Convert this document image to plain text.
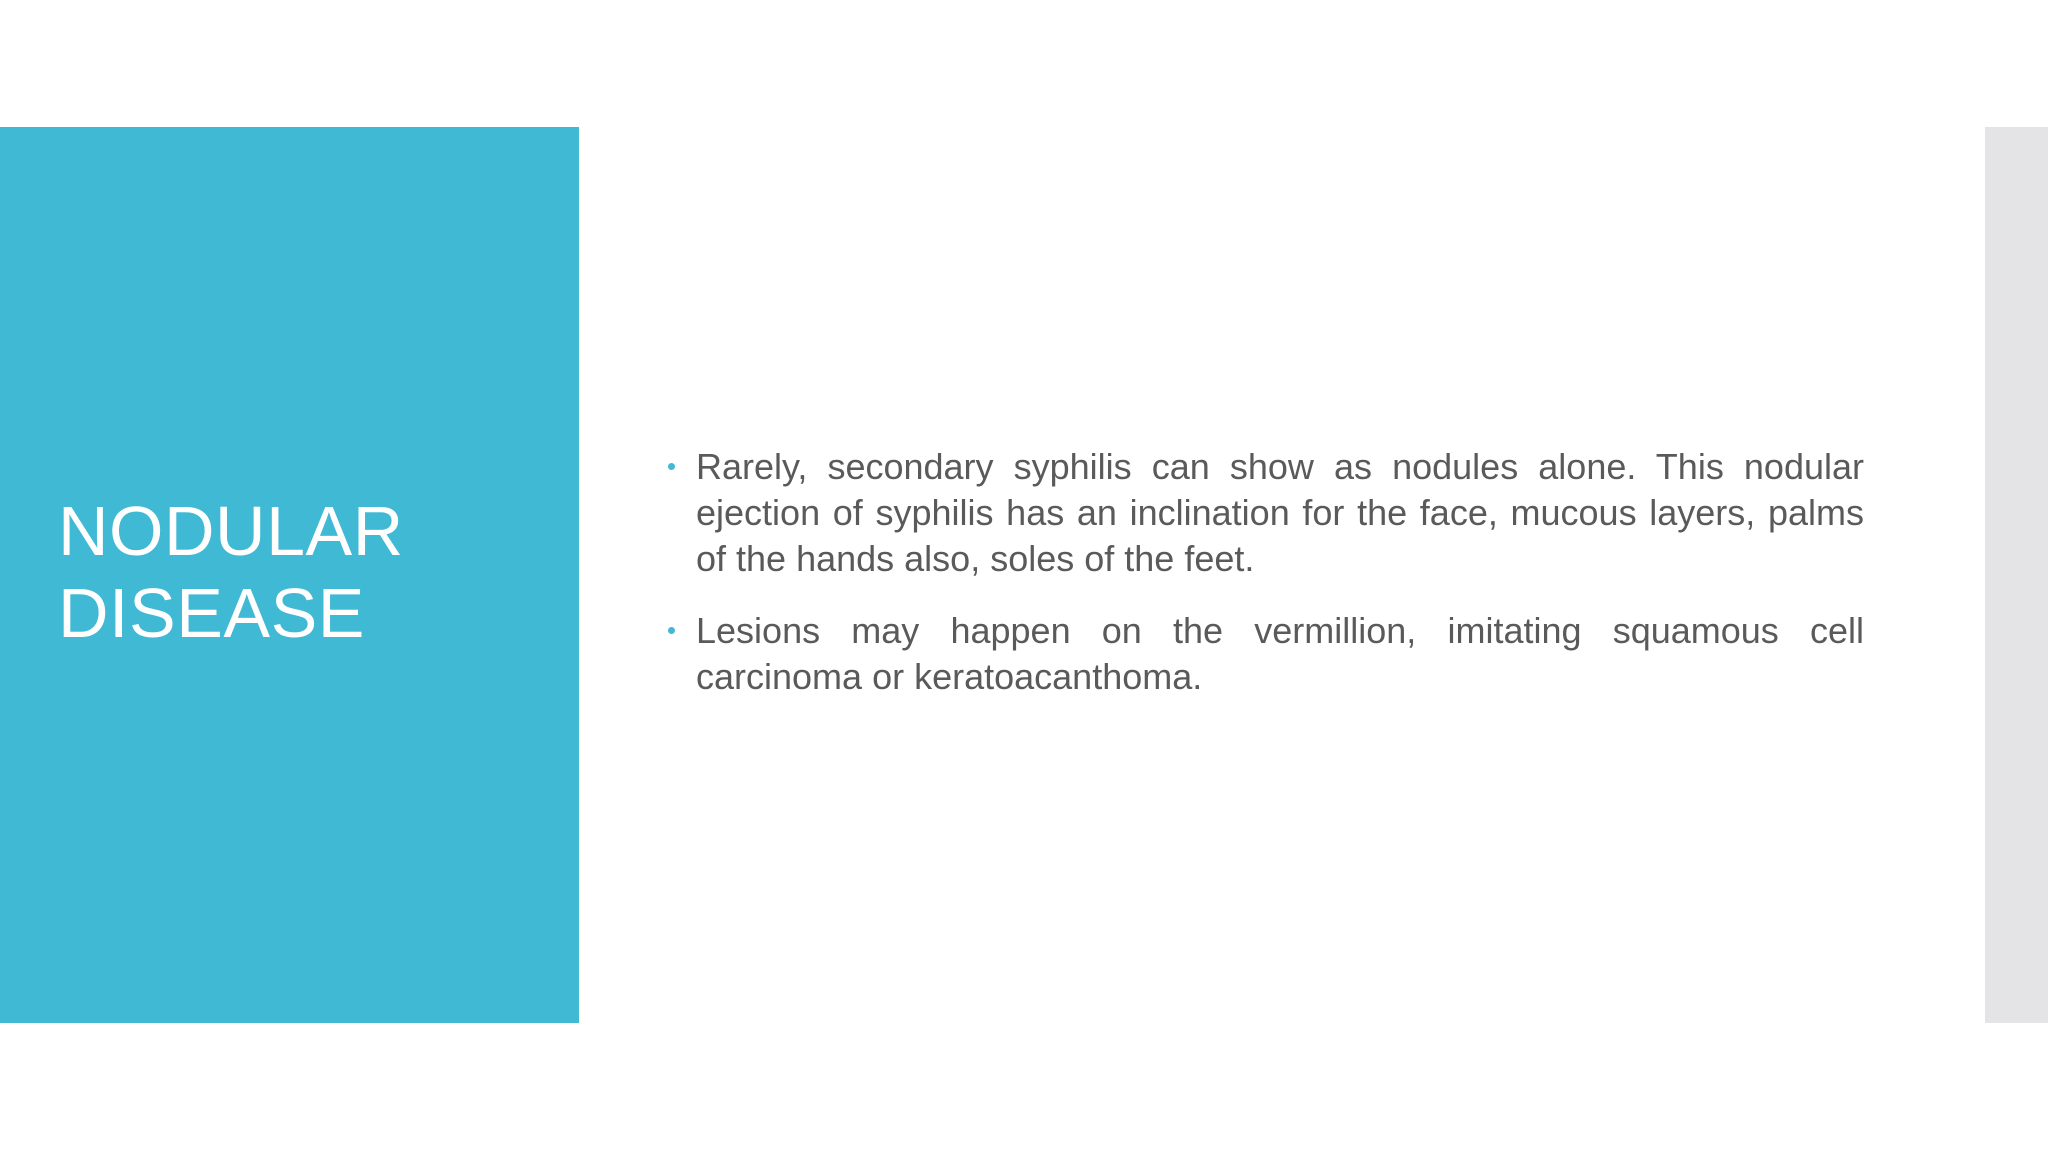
NODULAR
DISEASE
Rarely, secondary syphilis can show as nodules alone. This nodular ejection of syphilis has an inclination for the face, mucous layers, palms of the hands also, soles of the feet.
Lesions may happen on the vermillion, imitating squamous cell carcinoma or keratoacanthoma.
